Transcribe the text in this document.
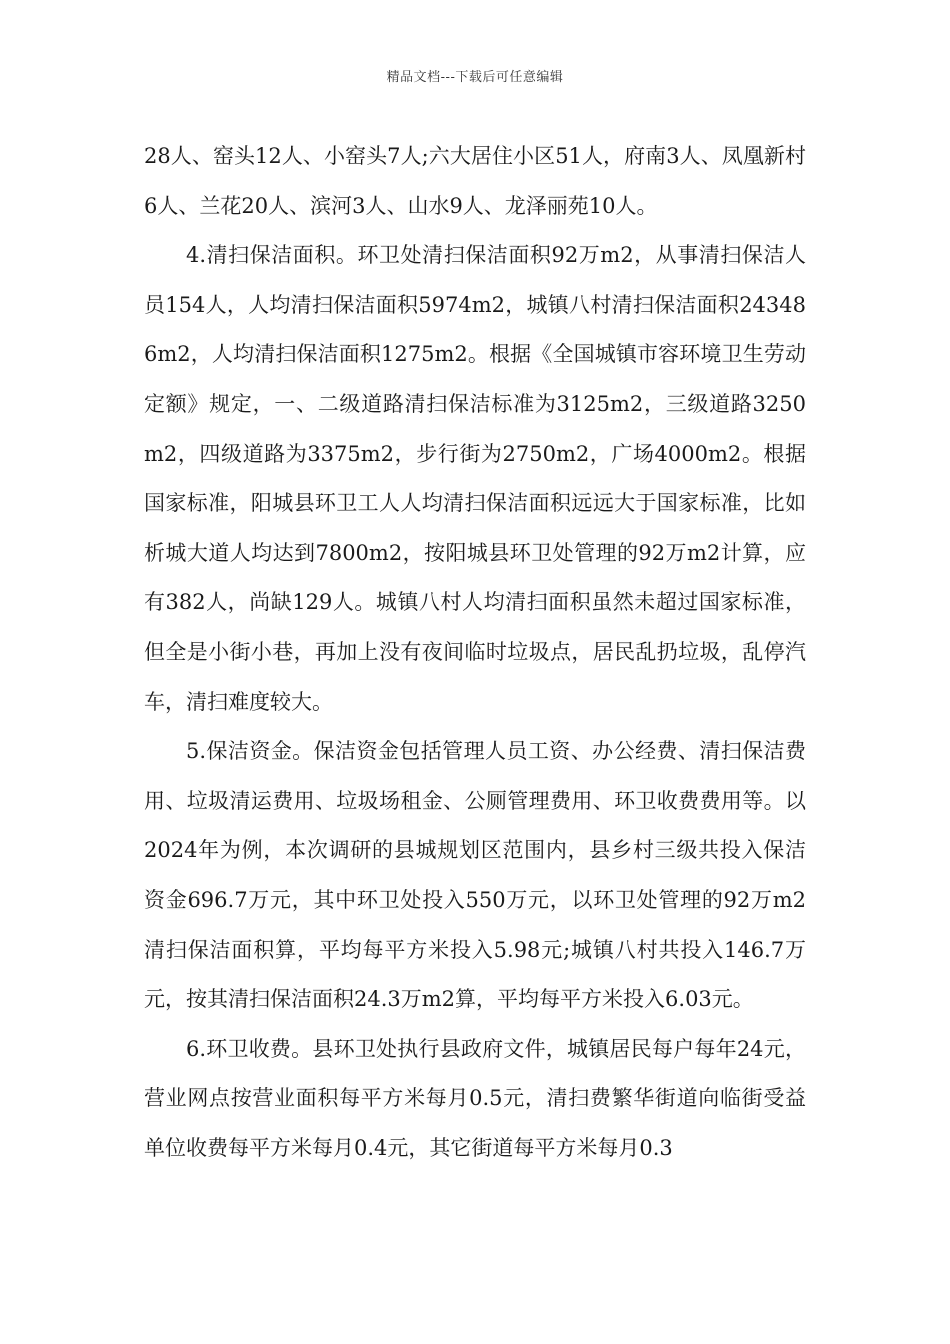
精品文档---下载后可任意编辑

28人、窑头12人、小窑头7人;六大居住小区51人，府南3人、凤凰新村6人、兰花20人、滨河3人、山水9人、龙泽丽苑10人。

4.清扫保洁面积。环卫处清扫保洁面积92万m2，从事清扫保洁人员154人，人均清扫保洁面积5974m2，城镇八村清扫保洁面积243486m2，人均清扫保洁面积1275m2。根据《全国城镇市容环境卫生劳动定额》规定，一、二级道路清扫保洁标准为3125m2，三级道路3250m2，四级道路为3375m2，步行街为2750m2，广场4000m2。根据国家标准，阳城县环卫工人人均清扫保洁面积远远大于国家标准，比如析城大道人均达到7800m2，按阳城县环卫处管理的92万m2计算，应有382人，尚缺129人。城镇八村人均清扫面积虽然未超过国家标准，但全是小街小巷，再加上没有夜间临时垃圾点，居民乱扔垃圾，乱停汽车，清扫难度较大。

5.保洁资金。保洁资金包括管理人员工资、办公经费、清扫保洁费用、垃圾清运费用、垃圾场租金、公厕管理费用、环卫收费费用等。以2024年为例，本次调研的县城规划区范围内，县乡村三级共投入保洁资金696.7万元，其中环卫处投入550万元，以环卫处管理的92万m2清扫保洁面积算，平均每平方米投入5.98元;城镇八村共投入146.7万元，按其清扫保洁面积24.3万m2算，平均每平方米投入6.03元。

6.环卫收费。县环卫处执行县政府文件，城镇居民每户每年24元，营业网点按营业面积每平方米每月0.5元，清扫费繁华街道向临街受益单位收费每平方米每月0.4元，其它街道每平方米每月0.3
